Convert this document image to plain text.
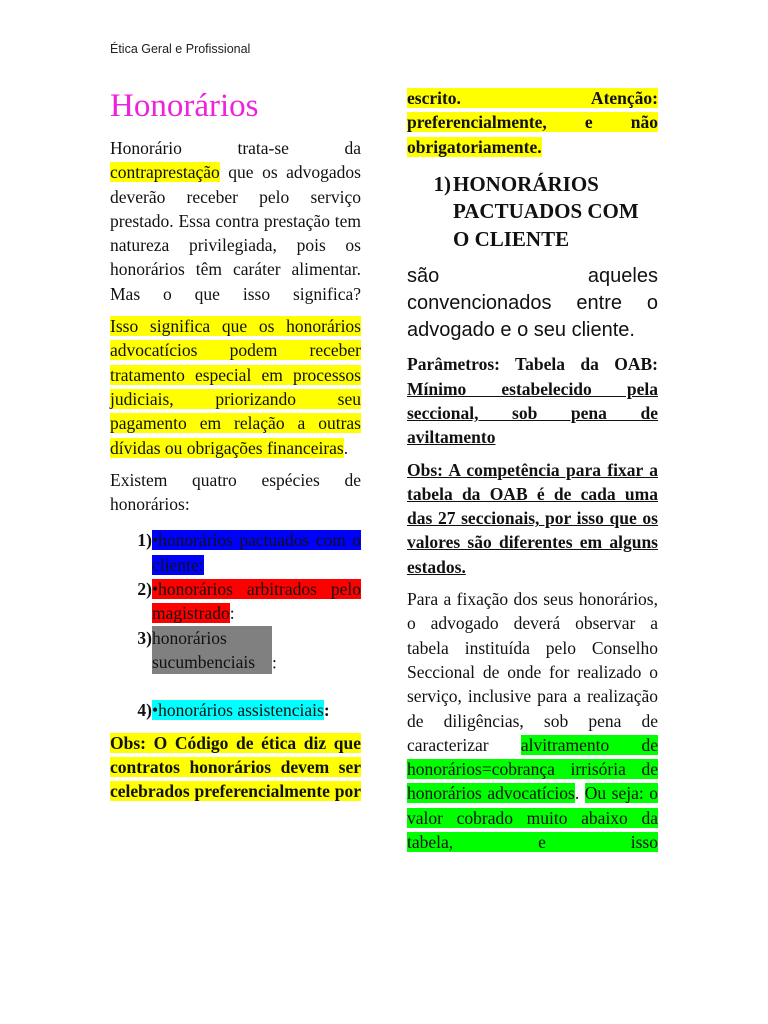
Ética Geral e Profissional
Honorários

Honorário trata-se da contraprestação que os advogados deverão receber pelo serviço prestado. Essa contra prestação tem natureza privilegiada, pois os honorários têm caráter alimentar. Mas o que isso significa?

Isso significa que os honorários advocatícios podem receber tratamento especial em processos judiciais, priorizando seu pagamento em relação a outras dívidas ou obrigações financeiras.

Existem quatro espécies de honorários:

1) •honorários pactuados com o cliente:
2) •honorários arbitrados pelo magistrado:
3) honorários sucumbenciais :
4) •honorários assistenciais:

Obs: O Código de ética diz que contratos honorários devem ser celebrados preferencialmente por

escrito. Atenção: preferencialmente, e não obrigatoriamente.

1) HONORÁRIOS PACTUADOS COM O CLIENTE

são aqueles convencionados entre o advogado e o seu cliente.

Parâmetros: Tabela da OAB: Mínimo estabelecido pela seccional, sob pena de aviltamento

Obs: A competência para fixar a tabela da OAB é de cada uma das 27 seccionais, por isso que os valores são diferentes em alguns estados.

Para a fixação dos seus honorários, o advogado deverá observar a tabela instituída pelo Conselho Seccional de onde for realizado o serviço, inclusive para a realização de diligências, sob pena de caracterizar alvitramento de honorários=cobrança irrisória de honorários advocatícios. Ou seja: o valor cobrado muito abaixo da tabela, e isso
